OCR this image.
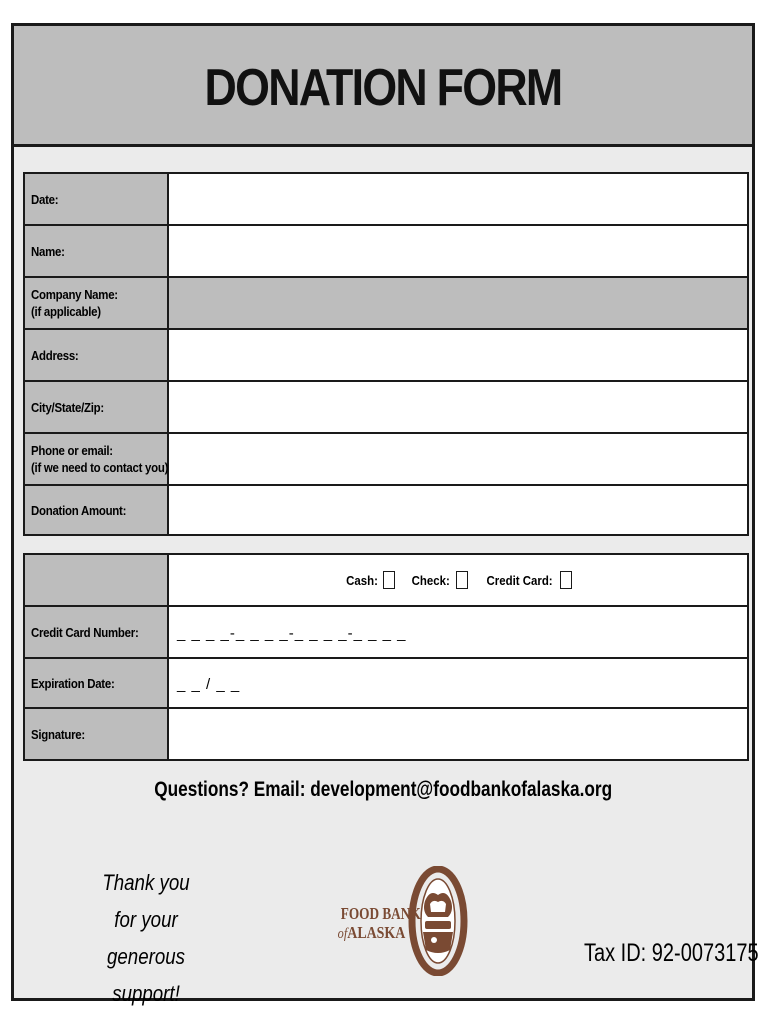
DONATION FORM
Date:
Name:
Company Name:
(if applicable)
Address:
City/State/Zip:
Phone or email:
(if we need to contact you)
Donation Amount:
Cash:	Check:	Credit Card:
Credit Card Number:	_ _ _ _-_ _ _ _-_ _ _ _-_ _ _ _
Expiration Date:	_ _ / _ _
Signature:
Questions? Email: development@foodbankofalaska.org
Thank you
for your generous
support!
FOOD BANK
ofALASKA
Tax ID: 92-0073175
